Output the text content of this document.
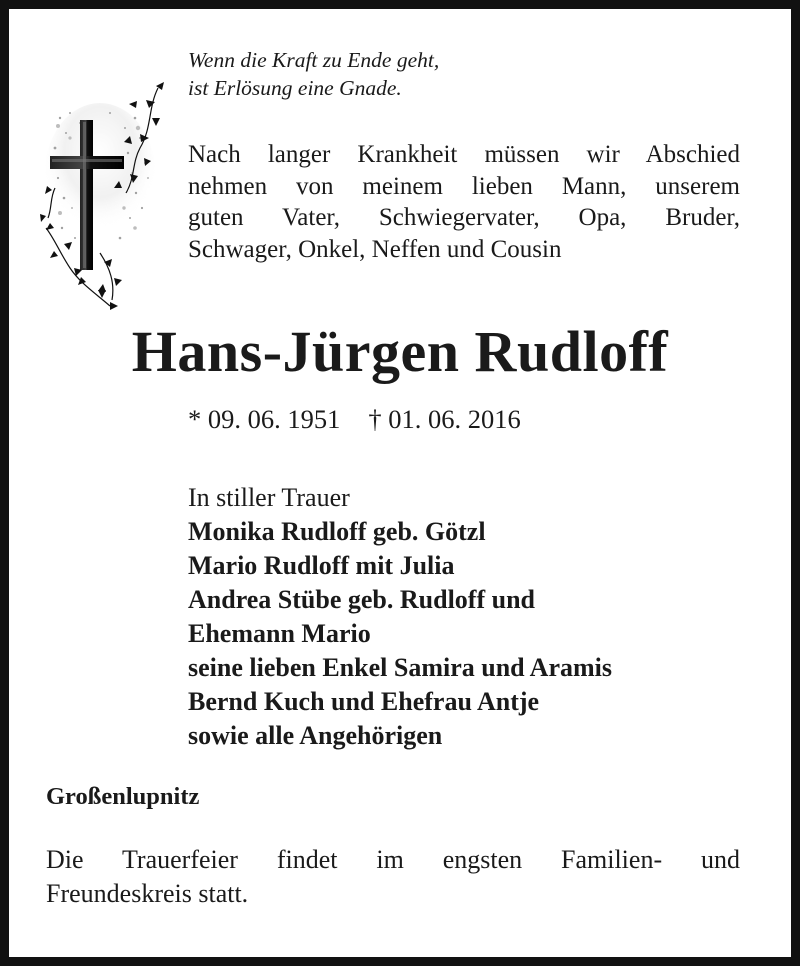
Wenn die Kraft zu Ende geht,
ist Erlösung eine Gnade.
Nach langer Krankheit müssen wir Abschied
nehmen von meinem lieben Mann, unserem
guten Vater, Schwiegervater, Opa, Bruder,
Schwager, Onkel, Neffen und Cousin
Hans-Jürgen Rudloff
* 09. 06. 1951 † 01. 06. 2016
In stiller Trauer
Monika Rudloff geb. Götzl
Mario Rudloff mit Julia
Andrea Stübe geb. Rudloff und
Ehemann Mario
seine lieben Enkel Samira und Aramis
Bernd Kuch und Ehefrau Antje
sowie alle Angehörigen
Großenlupnitz
Die Trauerfeier findet im engsten Familien- und
Freundeskreis statt.
